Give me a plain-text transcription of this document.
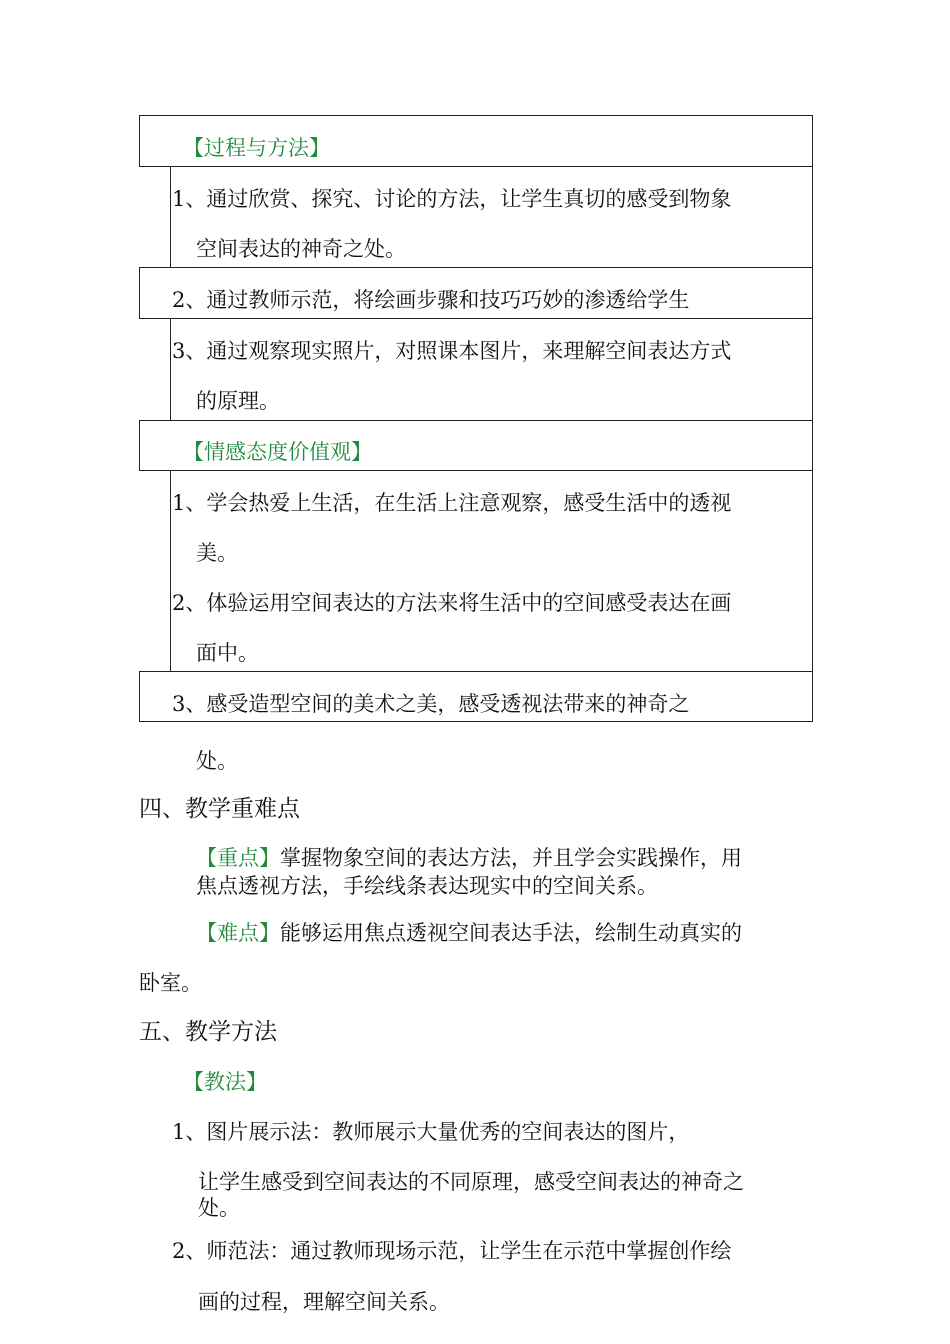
【过程与方法】
1、通过欣赏、探究、讨论的方法，让学生真切的感受到物象
空间表达的神奇之处。
2、通过教师示范，将绘画步骤和技巧巧妙的渗透给学生
3、通过观察现实照片，对照课本图片，来理解空间表达方式
的原理。
【情感态度价值观】
1、学会热爱上生活，在生活上注意观察，感受生活中的透视
美。
2、体验运用空间表达的方法来将生活中的空间感受表达在画
面中。
3、感受造型空间的美术之美，感受透视法带来的神奇之
处。
四、教学重难点
【重点】掌握物象空间的表达方法，并且学会实践操作，用
焦点透视方法，手绘线条表达现实中的空间关系。
【难点】能够运用焦点透视空间表达手法，绘制生动真实的
卧室。
五、教学方法
【教法】
1、图片展示法：教师展示大量优秀的空间表达的图片，
让学生感受到空间表达的不同原理，感受空间表达的神奇之
处。
2、师范法：通过教师现场示范，让学生在示范中掌握创作绘
画的过程，理解空间关系。
